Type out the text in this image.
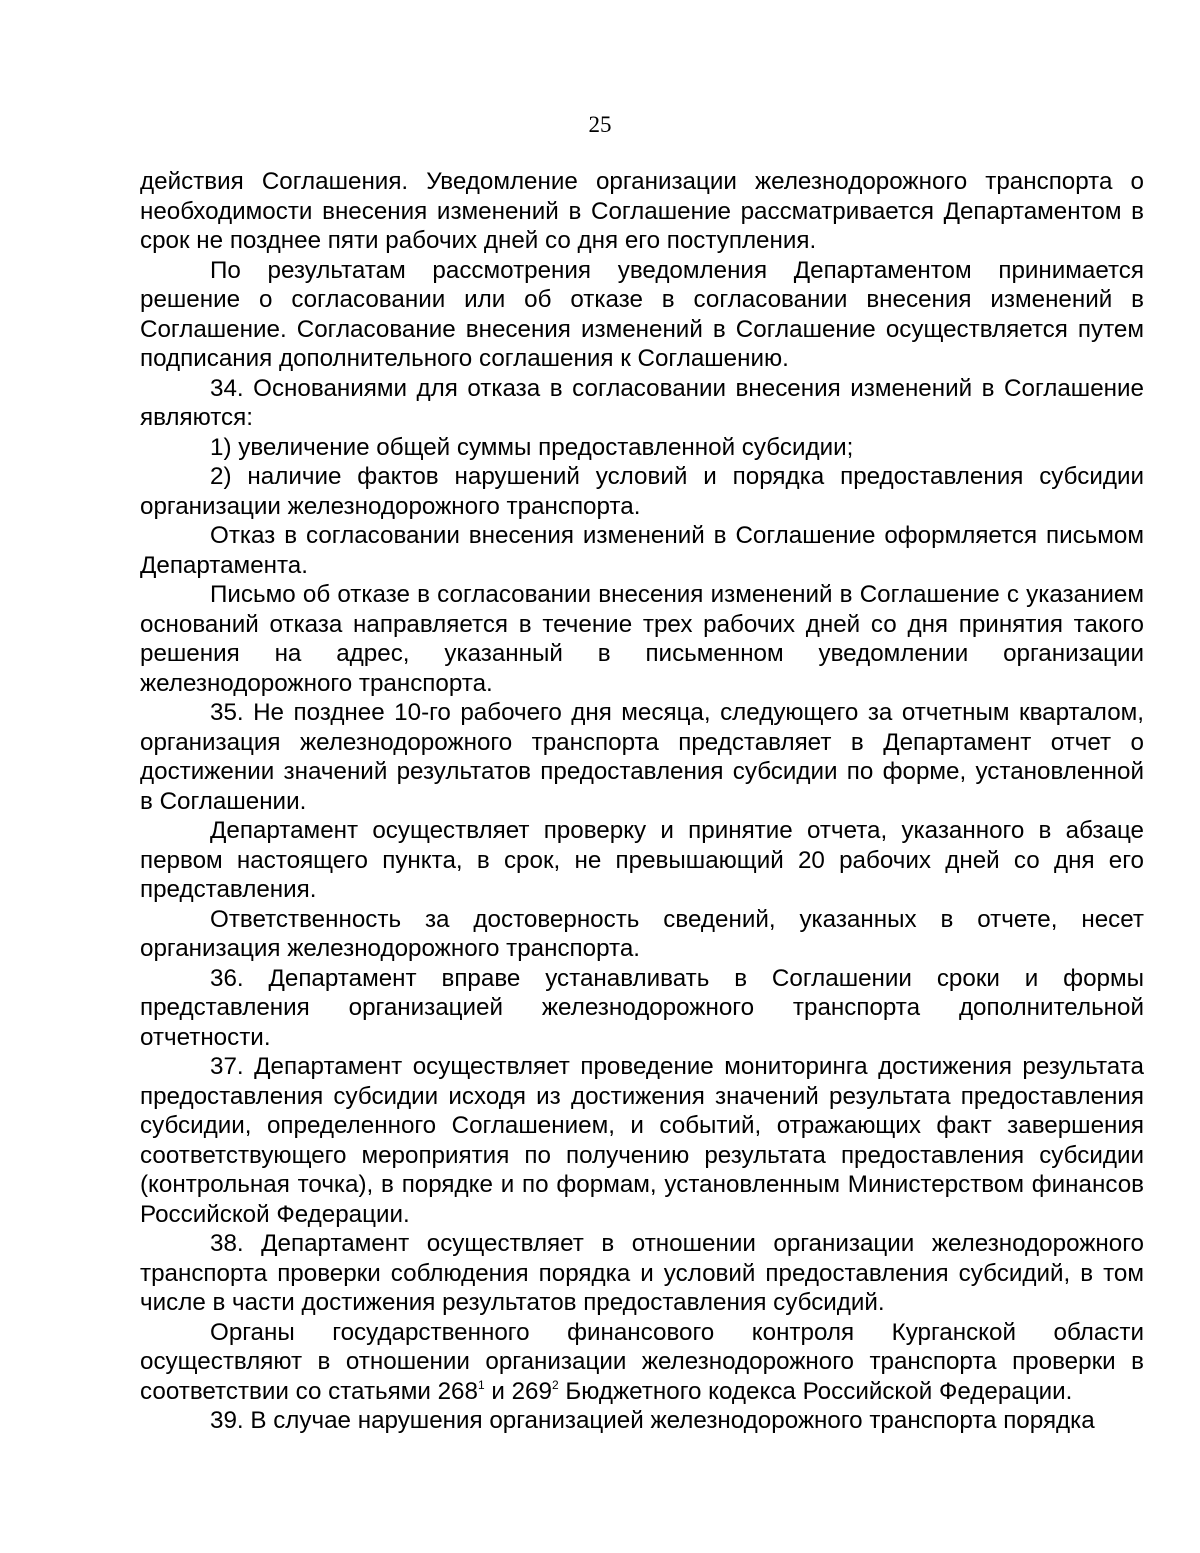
25

действия Соглашения. Уведомление организации железнодорожного транспорта о необходимости внесения изменений в Соглашение рассматривается Департаментом в срок не позднее пяти рабочих дней со дня его поступления.

По результатам рассмотрения уведомления Департаментом принимается решение о согласовании или об отказе в согласовании внесения изменений в Соглашение. Согласование внесения изменений в Соглашение осуществляется путем подписания дополнительного соглашения к Соглашению.

34. Основаниями для отказа в согласовании внесения изменений в Соглашение являются:

1) увеличение общей суммы предоставленной субсидии;

2) наличие фактов нарушений условий и порядка предоставления субсидии организации железнодорожного транспорта.

Отказ в согласовании внесения изменений в Соглашение оформляется письмом Департамента.

Письмо об отказе в согласовании внесения изменений в Соглашение с указанием оснований отказа направляется в течение трех рабочих дней со дня принятия такого решения на адрес, указанный в письменном уведомлении организации железнодорожного транспорта.

35. Не позднее 10-го рабочего дня месяца, следующего за отчетным кварталом, организация железнодорожного транспорта представляет в Департамент отчет о достижении значений результатов предоставления субсидии по форме, установленной в Соглашении.

Департамент осуществляет проверку и принятие отчета, указанного в абзаце первом настоящего пункта, в срок, не превышающий 20 рабочих дней со дня его представления.

Ответственность за достоверность сведений, указанных в отчете, несет организация железнодорожного транспорта.

36. Департамент вправе устанавливать в Соглашении сроки и формы представления организацией железнодорожного транспорта дополнительной отчетности.

37. Департамент осуществляет проведение мониторинга достижения результата предоставления субсидии исходя из достижения значений результата предоставления субсидии, определенного Соглашением, и событий, отражающих факт завершения соответствующего мероприятия по получению результата предоставления субсидии (контрольная точка), в порядке и по формам, установленным Министерством финансов Российской Федерации.

38. Департамент осуществляет в отношении организации железнодорожного транспорта проверки соблюдения порядка и условий предоставления субсидий, в том числе в части достижения результатов предоставления субсидий.

Органы государственного финансового контроля Курганской области осуществляют в отношении организации железнодорожного транспорта проверки в соответствии со статьями $268^1$ и $269^2$ Бюджетного кодекса Российской Федерации.

39. В случае нарушения организацией железнодорожного транспорта порядка
